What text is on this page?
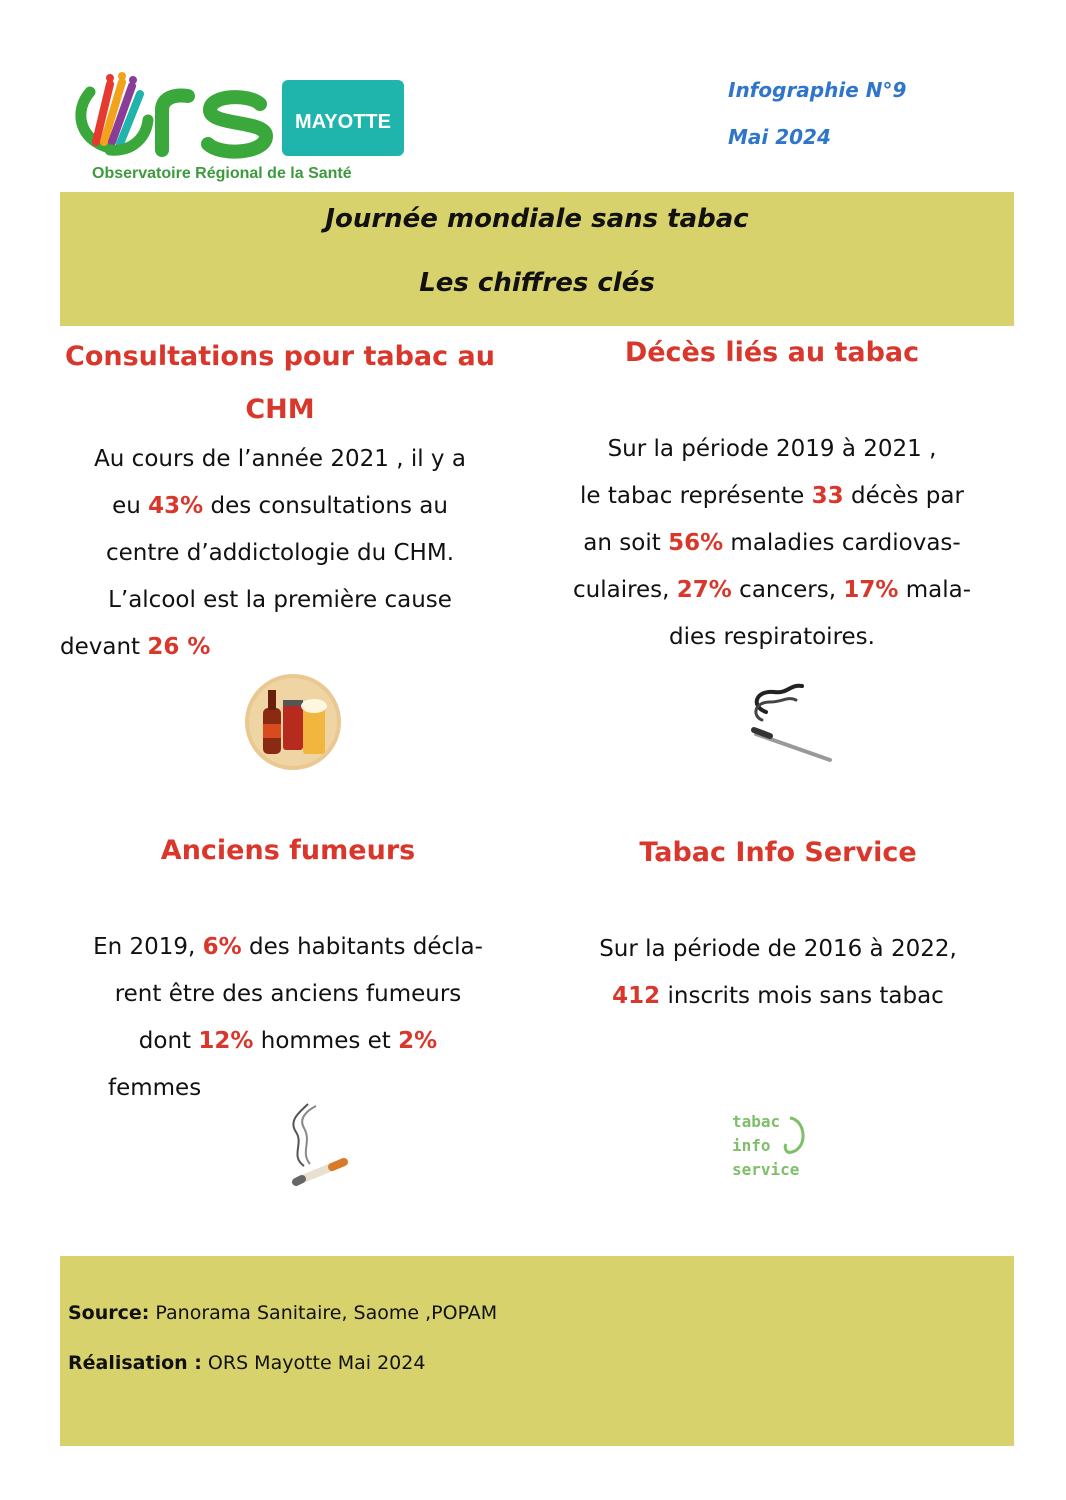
MAYOTTE
Observatoire Régional de la Santé
Infographie N°9
Mai 2024
Journée mondiale sans tabac
Les chiffres clés
Consultations pour tabac au
CHM
Au cours de l’année 2021 , il y a
eu 43% des consultations au
centre d’addictologie du CHM.
L’alcool est la première cause
devant 26 %
Décès liés au tabac
Sur la période 2019 à 2021 ,
le tabac représente 33 décès par
an soit 56% maladies cardiovas-
culaires, 27% cancers, 17% mala-
dies respiratoires.
Anciens fumeurs
En 2019, 6% des habitants décla-
rent être des anciens fumeurs
dont 12% hommes et 2%
femmes
Tabac Info Service
Sur la période de 2016 à 2022,
412 inscrits mois sans tabac
tabac
info
service
Source: Panorama Sanitaire, Saome ,POPAM
Réalisation : ORS Mayotte Mai 2024
